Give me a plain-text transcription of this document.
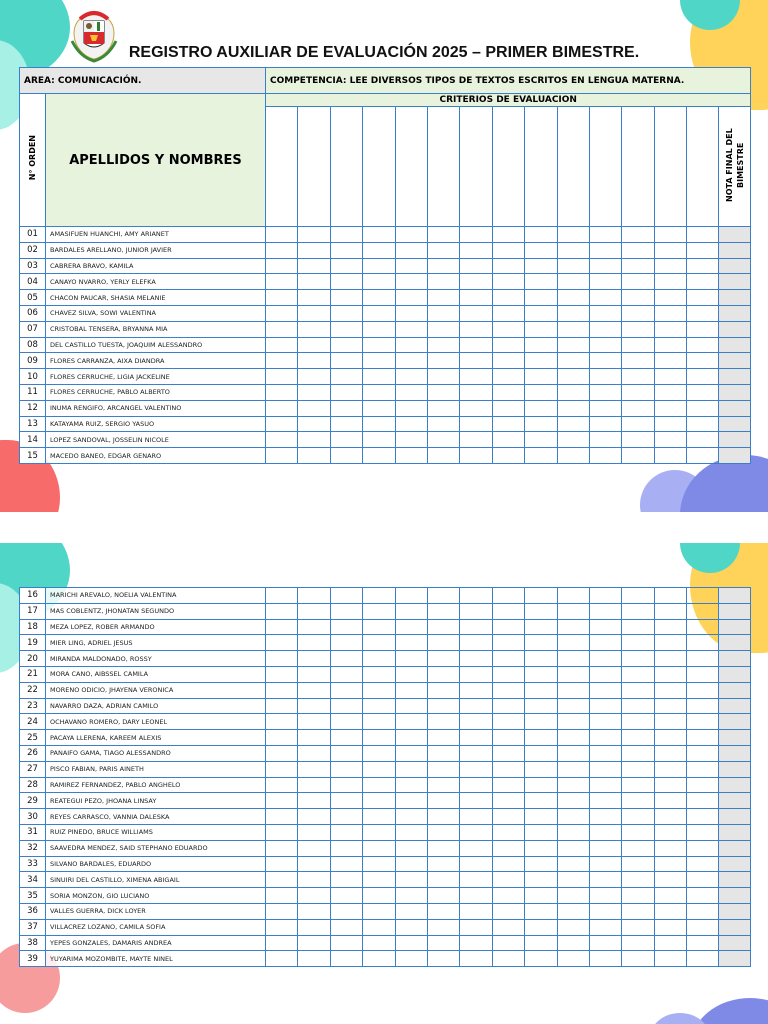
REGISTRO AUXILIAR DE EVALUACIÓN 2025 – PRIMER BIMESTRE.
AREA: COMUNICACIÓN.		COMPETENCIA: LEE DIVERSOS TIPOS DE TEXTOS ESCRITOS EN LENGUA MATERNA.														
N° ORDEN	APELLIDOS Y NOMBRES	CRITERIOS DE EVALUACION														
																NOTA FINAL DEL BIMESTRE
01	AMASIFUEN HUANCHI, AMY ARIANET															
02	BARDALES ARELLANO, JUNIOR JAVIER															
03	CABRERA BRAVO, KAMILA															
04	CANAYO NVARRO, YERLY ELEFKA															
05	CHACON PAUCAR, SHASIA MELANIE															
06	CHAVEZ SILVA, SOWI VALENTINA															
07	CRISTOBAL TENSERA, BRYANNA MIA															
08	DEL CASTILLO TUESTA, JOAQUIM ALESSANDRO															
09	FLORES CARRANZA, AIXA DIANDRA															
10	FLORES CERRUCHE, LIGIA JACKELINE															
11	FLORES CERRUCHE, PABLO ALBERTO															
12	INUMA RENGIFO, ARCANGEL VALENTINO															
13	KATAYAMA RUIZ, SERGIO YASUO															
14	LOPEZ SANDOVAL, JOSSELIN NICOLE															
15	MACEDO BANEO, EDGAR GENARO															
16	MARICHI AREVALO, NOELIA VALENTINA															
17	MAS COBLENTZ, JHONATAN SEGUNDO															
18	MEZA LOPEZ, ROBER ARMANDO															
19	MIER LING, ADRIEL JESUS															
20	MIRANDA MALDONADO, ROSSY															
21	MORA CANO, AIBSSEL CAMILA															
22	MORENO ODICIO, JHAYENA VERONICA															
23	NAVARRO DAZA, ADRIAN CAMILO															
24	OCHAVANO ROMERO, DARY LEONEL															
25	PACAYA LLERENA, KAREEM ALEXIS															
26	PANAIFO GAMA, TIAGO ALESSANDRO															
27	PISCO FABIAN, PARIS AINETH															
28	RAMIREZ FERNANDEZ, PABLO ANGHELO															
29	REATEGUI PEZO, JHOANA LINSAY															
30	REYES CARRASCO, VANNIA DALESKA															
31	RUIZ PINEDO, BRUCE WILLIAMS															
32	SAAVEDRA MENDEZ, SAID STEPHANO EDUARDO															
33	SILVANO BARDALES, EDUARDO															
34	SINUIRI DEL CASTILLO, XIMENA ABIGAIL															
35	SORIA MONZON, GIO LUCIANO															
36	VALLES GUERRA, DICK LOYER															
37	VILLACREZ LOZANO, CAMILA SOFIA															
38	YEPES GONZALES, DAMARIS ANDREA															
39	YUYARIMA MOZOMBITE, MAYTE NINEL															
